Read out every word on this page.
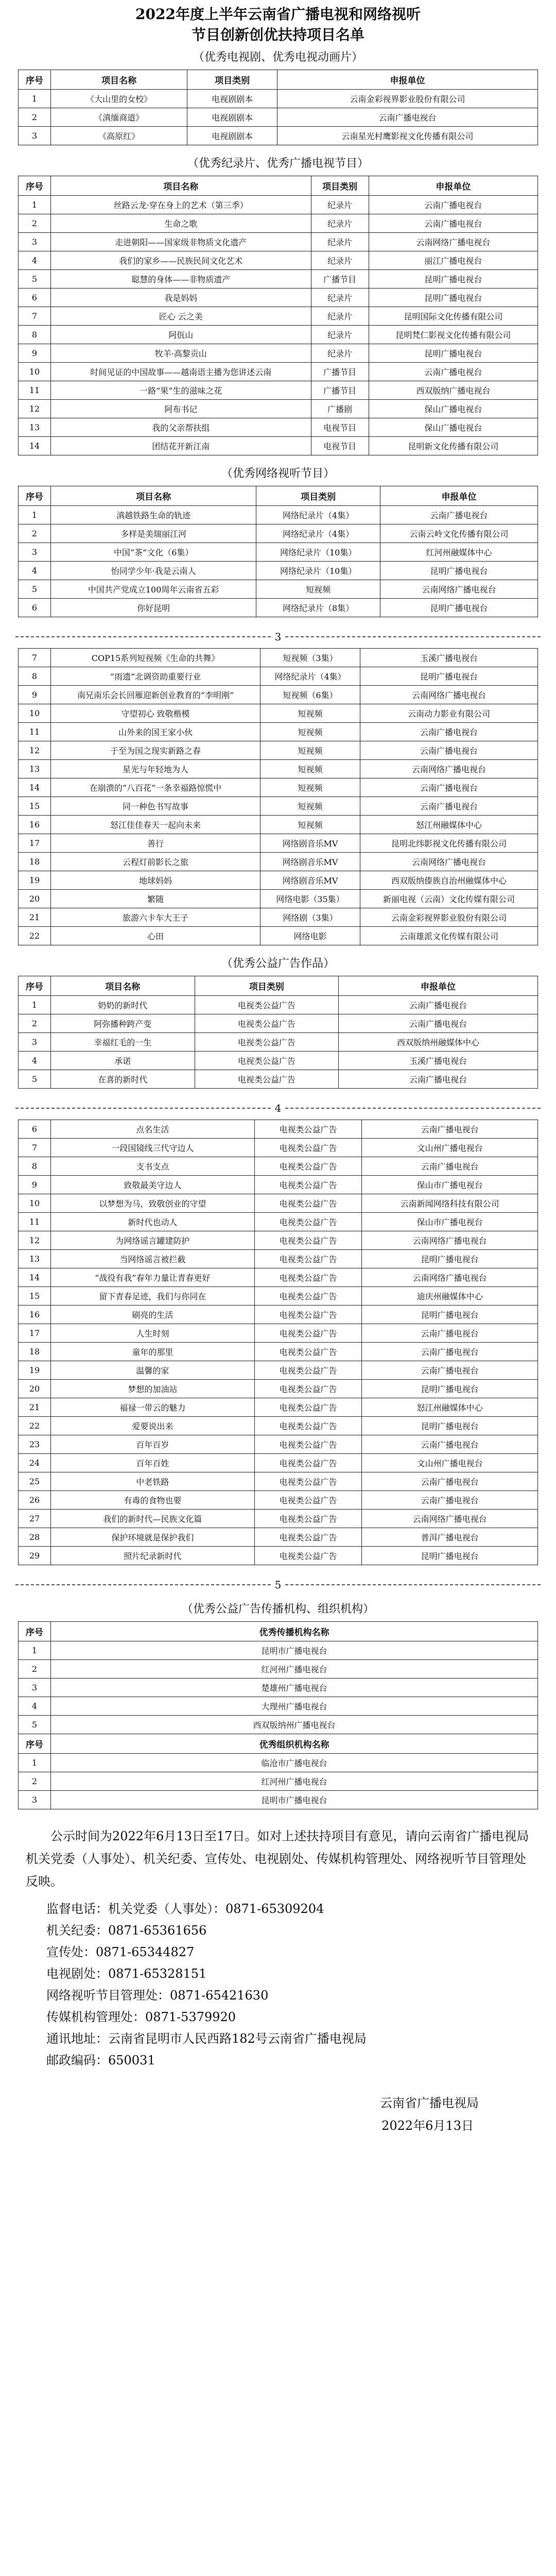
2022年度上半年云南省广播电视和网络视听
节目创新创优扶持项目名单
（优秀电视剧、优秀电视动画片）
序号	项目名称	项目类别	申报单位
1	《大山里的女校》	电视剧剧本	云南金彩视界影业股份有限公司
2	《滇缅商道》	电视剧剧本	云南广播电视台
3	《高原红》	电视剧剧本	云南星光村鹰影视文化传播有限公司
（优秀纪录片、优秀广播电视节目）
序号	项目名称	项目类别	申报单位
1	丝路云龙·穿在身上的艺术（第三季）	纪录片	云南广播电视台
2	生命之歌	纪录片	云南广播电视台
3	走进朝阳——国家级非物质文化遗产	纪录片	云南网络广播电视台
4	我们的家乡——民族民间文化艺术	纪录片	丽江广播电视台
5	聪慧的身体——非物质遗产	广播节目	昆明广播电视台
6	我是妈妈	纪录片	昆明广播电视台
7	匠心 云之美	纪录片	昆明国际文化传播有限公司
8	阿佤山	纪录片	昆明梵仁影视文化传播有限公司
9	牧羊·高黎贡山	纪录片	昆明广播电视台
10	时间见证的中国故事——越南语主播为您讲述云南	广播节目	云南广播电视台
11	一路“果”生的滋味之花	广播节目	西双版纳广播电视台
12	阿布书记	广播剧	保山广播电视台
13	我的父亲帮扶组	电视节目	保山广播电视台
14	团结花开新江南	电视节目	昆明新文化传播有限公司
（优秀网络视听节目）
序号	项目名称	项目类别	申报单位
1	滇越铁路生命的轨迹	网络纪录片（4集）	云南广播电视台
2	多样是美瑞丽江河	网络纪录片（4集）	云南云岭文化传播有限公司
3	中国“茶”文化（6集）	网络纪录片（10集）	红河州融媒体中心
4	怡同学少年·我是云南人	网络纪录片（10集）	昆明广播电视台
5	中国共产党成立100周年云南省五彩	短视频	云南网络广播电视台
6	你好昆明	网络纪录片（8集）	昆明广播电视台
3
7	COP15系列短视频《生命的共舞》	短视频（3集）	玉溪广播电视台
8	“雨遗”北调资助重要行业	网络纪录片（4集）	昆明广播电视台
9	南兄南乐会长回雁迎新创业教育的“李明刚”	短视频（6集）	云南网络广播电视台
10	守望初心 致敬楷模	短视频	云南动力影业有限公司
11	山外来的国王家小伙	短视频	云南广播电视台
12	于至为国之现实新路之春	短视频	云南广播电视台
13	星光与年轻地为人	短视频	云南网络广播电视台
14	在崩溃的“八百花”一条幸福路惊慌中	短视频	云南广播电视台
15	同一种色书写故事	短视频	云南广播电视台
16	怒江佳佳春天一起向未来	短视频	怒江州融媒体中心
17	善行	网络剧音乐MV	昆明北纬影视文化传播有限公司
18	云程灯前影长之旅	网络剧音乐MV	云南网络广播电视台
19	地球妈妈	网络剧音乐MV	西双版纳傣族自治州融媒体中心
20	繁随	网络电影（35集）	新丽电视（云南）文化传媒有限公司
21	旅游六卡车大王子	网络剧（3集）	云南金彩视界影业股份有限公司
22	心田	网络电影	云南雄派文化传媒有限公司
（优秀公益广告作品）
序号	项目名称	项目类别	申报单位
1	奶奶的新时代	电视类公益广告	云南广播电视台
2	阿弥播种跨产变	电视类公益广告	云南广播电视台
3	幸福红毛的一生	电视类公益广告	西双版纳州融媒体中心
4	承诺	电视类公益广告	玉溪广播电视台
5	在喜的新时代	电视类公益广告	云南广播电视台
4
6	点名生活	电视类公益广告	云南广播电视台
7	一段国镜线三代守边人	电视类公益广告	文山州广播电视台
8	支书支点	电视类公益广告	云南广播电视台
9	致敬最美守边人	电视类公益广告	保山市广播电视台
10	以梦想为马，致敬创业的守望	电视类公益广告	云南新闻网络科技有限公司
11	新时代也动人	电视类公益广告	保山市广播电视台
12	为网络谣言罐建防护	电视类公益广告	云南网络广播电视台
13	当网络谣言被拦截	电视类公益广告	昆明广播电视台
14	“战役有我”春年力量让青春更好	电视类公益广告	云南网络广播电视台
15	留下青春足迹，我们与你同在	电视类公益广告	迪庆州融媒体中心
16	刷亮的生活	电视类公益广告	昆明广播电视台
17	人生时刻	电视类公益广告	云南广播电视台
18	童年的那里	电视类公益广告	云南广播电视台
19	温馨的家	电视类公益广告	云南广播电视台
20	梦想的加油站	电视类公益广告	昆明广播电视台
21	福禄一带云的魅力	电视类公益广告	怒江州融媒体中心
22	爱要说出来	电视类公益广告	昆明广播电视台
23	百年百岁	电视类公益广告	云南广播电视台
24	百年百姓	电视类公益广告	文山州广播电视台
25	中老铁路	电视类公益广告	云南广播电视台
26	有毒的食物也要	电视类公益广告	云南广播电视台
27	我们的新时代—民族文化篇	电视类公益广告	云南网络广播电视台
28	保护环境就是保护我们	电视类公益广告	普洱广播电视台
29	照片纪录新时代	电视类公益广告	昆明广播电视台
5
（优秀公益广告传播机构、组织机构）
序号	优秀传播机构名称
1	昆明市广播电视台
2	红河州广播电视台
3	楚雄州广播电视台
4	大理州广播电视台
5	西双版纳州广播电视台
序号	优秀组织机构名称
1	临沧市广播电视台
2	红河州广播电视台
3	昆明市广播电视台
公示时间为2022年6月13日至17日。如对上述扶持项目有意见，请向云南省广播电视局机关党委（人事处）、机关纪委、宣传处、电视剧处、传媒机构管理处、网络视听节目管理处反映。
监督电话：机关党委（人事处）：0871-65309204
机关纪委：0871-65361656
宣传处：0871-65344827
电视剧处：0871-65328151
网络视听节目管理处：0871-65421630
传媒机构管理处：0871-5379920
通讯地址：云南省昆明市人民西路182号云南省广播电视局
邮政编码：650031
云南省广播电视局
2022年6月13日
